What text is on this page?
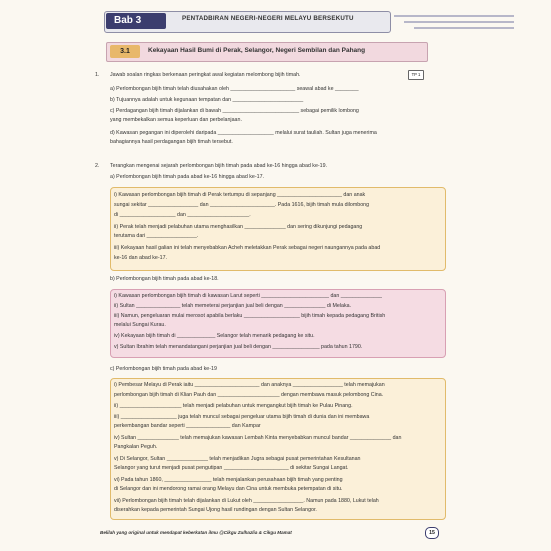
Bab 3	PENTADBIRAN NEGERI-NEGERI MELAYU BERSEKUTU
3.1	Kekayaan Hasil Bumi di Perak, Selangor, Negeri Sembilan dan Pahang
TP 1
1. Jawab soalan ringkas berkenaan peringkat awal kegiatan melombong bijih timah.
a) Perlombongan bijih timah telah diusahakan oleh ______________________ seawal abad ke ________
b) Tujuannya adalah untuk kegunaan tempatan dan ________________________
c) Perdagangan bijih timah dijalankan di bawah __________________________ sebagai pemilik lombong
yang membekalkan semua keperluan dan perbelanjaan.
d) Kawasan pegangan ini diperolehi daripada ___________________ melalui surat tauliah. Sultan juga menerima
bahagiannya hasil perdagangan bijih timah tersebut.
2. Terangkan mengenai sejarah perlombongan bijih timah pada abad ke-16 hingga abad ke-19.
a) Perlombongan bijih timah pada abad ke-16 hingga abad ke-17.
i) Kawasan perlombongan bijih timah di Perak tertumpu di sepanjang ______________________ dan anak
sungai sekitar _________________ dan ______________________. Pada 1616, bijih timah mula dilombong
di ___________________ dan _____________________.
ii) Perak telah menjadi pelabuhan utama menghasilkan ______________ dan sering dikunjungi pedagang
terutama dari _________________.
iii) Kekayaan hasil galian ini telah menyebabkan Acheh meletakkan Perak sebagai negeri naungannya pada abad
ke-16 dan abad ke-17.
b) Perlombongan bijih timah pada abad ke-18.
i) Kawasan perlombongan bijih timah di kawasan Larut seperti _______________________ dan ______________
ii) Sultan _______________ telah memeterai perjanjian jual beli dengan ______________ di Melaka.
iii) Namun, pengeluaran mulai merosot apabila berlaku ___________________ bijih timah kepada pedagang British
melalui Sungai Kurau.
iv) Kekayaan bijih timah di _____________ Selangor telah menarik pedagang ke situ.
v) Sultan Ibrahim telah menandatangani perjanjian jual beli dengan ________________ pada tahun 1790.
c) Perlombongan bijih timah pada abad ke-19
i) Pembesar Melayu di Perak iaitu ______________________ dan anaknya _________________ telah memajukan
perlombongan bijih timah di Klian Pauh dan _____________________ dengan membawa masuk pelombong Cina.
ii) _____________________ telah menjadi pelabuhan untuk mengangkut bijih timah ke Pulau Pinang.
iii) ___________________ juga telah muncul sebagai pengeluar utama bijih timah di dunia dan ini membawa
perkembangan bandar seperti _______________ dan Kampar
iv) Sultan ______________ telah memajukan kawasan Lembah Kinta menyebabkan muncul bandar ______________ dan
Pangkalan Peguh.
v) Di Selangor, Sultan ______________ telah menjadikan Jugra sebagai pusat pemerintahan Kesultanan
Selangor yang turut menjadi pusat pengutipan ______________________ di sekitar Sungai Langat.
vi) Pada tahun 1860, ________________ telah menjalankan perusahaan bijih timah yang penting
di Selangor dan ini mendorong ramai orang Melayu dan Cina untuk membuka petempatan di situ.
vii) Perlombongan bijih timah telah dijalankan di Lukut oleh _________________. Namun pada 1880, Lukut telah
diserahkan kepada pemerintah Sungai Ujong hasil rundingan dengan Sultan Selangor.
Belilah yang original untuk mendapat keberkatan ilmu @Cikgu Zulhazlia & Cikgu Mamat	15
